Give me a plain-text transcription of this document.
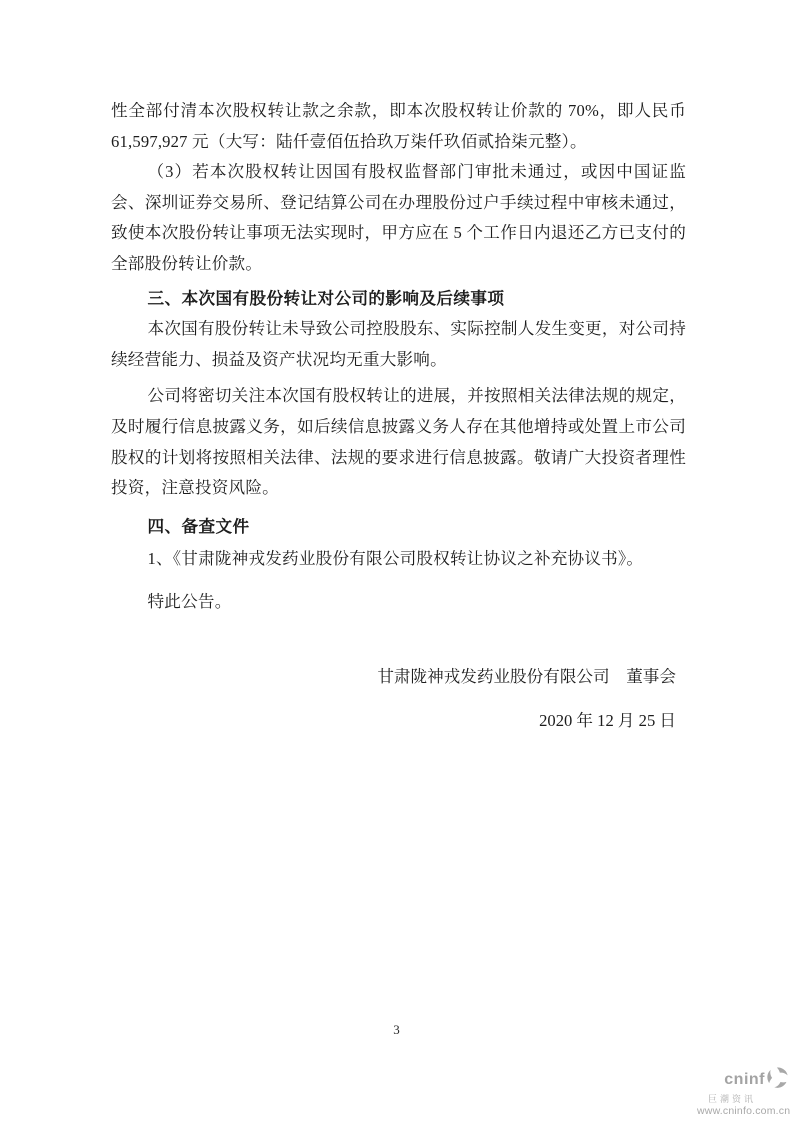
性全部付清本次股权转让款之余款，即本次股权转让价款的 70%，即人民币 61,597,927 元（大写：陆仟壹佰伍拾玖万柒仟玖佰贰拾柒元整）。

（3）若本次股权转让因国有股权监督部门审批未通过，或因中国证监会、深圳证券交易所、登记结算公司在办理股份过户手续过程中审核未通过，致使本次股份转让事项无法实现时，甲方应在 5 个工作日内退还乙方已支付的全部股份转让价款。

三、本次国有股份转让对公司的影响及后续事项

本次国有股份转让未导致公司控股股东、实际控制人发生变更，对公司持续经营能力、损益及资产状况均无重大影响。

公司将密切关注本次国有股权转让的进展，并按照相关法律法规的规定，及时履行信息披露义务，如后续信息披露义务人存在其他增持或处置上市公司股权的计划将按照相关法律、法规的要求进行信息披露。敬请广大投资者理性投资，注意投资风险。

四、备查文件

1、《甘肃陇神戎发药业股份有限公司股权转让协议之补充协议书》。

特此公告。

甘肃陇神戎发药业股份有限公司　董事会
2020 年 12 月 25 日
3
cninf
巨潮资讯
www.cninfo.com.cn
